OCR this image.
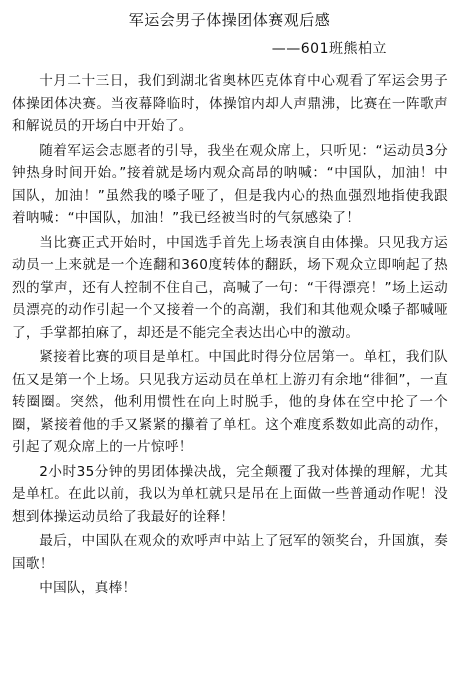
军运会男子体操团体赛观后感
——601班熊柏立

十月二十三日，我们到湖北省奥林匹克体育中心观看了军运会男子体操团体决赛。当夜幕降临时，体操馆内却人声鼎沸，比赛在一阵歌声和解说员的开场白中开始了。

随着军运会志愿者的引导，我坐在观众席上，只听见：“运动员3分钟热身时间开始。”接着就是场内观众高昂的呐喊：“中国队，加油！中国队，加油！”虽然我的嗓子哑了，但是我内心的热血强烈地指使我跟着呐喊：“中国队，加油！”我已经被当时的气氛感染了！

当比赛正式开始时，中国选手首先上场表演自由体操。只见我方运动员一上来就是一个连翻和360度转体的翻跃，场下观众立即响起了热烈的掌声，还有人控制不住自己，高喊了一句：“干得漂亮！”场上运动员漂亮的动作引起一个又接着一个的高潮，我们和其他观众嗓子都喊哑了，手掌都拍麻了，却还是不能完全表达出心中的激动。

紧接着比赛的项目是单杠。中国此时得分位居第一。单杠，我们队伍又是第一个上场。只见我方运动员在单杠上游刃有余地“徘徊”，一直转圈圈。突然，他利用惯性在向上时脱手，他的身体在空中抡了一个圈，紧接着他的手又紧紧的攥着了单杠。这个难度系数如此高的动作，引起了观众席上的一片惊呼！

2小时35分钟的男团体操决战，完全颠覆了我对体操的理解，尤其是单杠。在此以前，我以为单杠就只是吊在上面做一些普通动作呢！没想到体操运动员给了我最好的诠释！

最后，中国队在观众的欢呼声中站上了冠军的领奖台，升国旗，奏国歌！

中国队，真棒！
